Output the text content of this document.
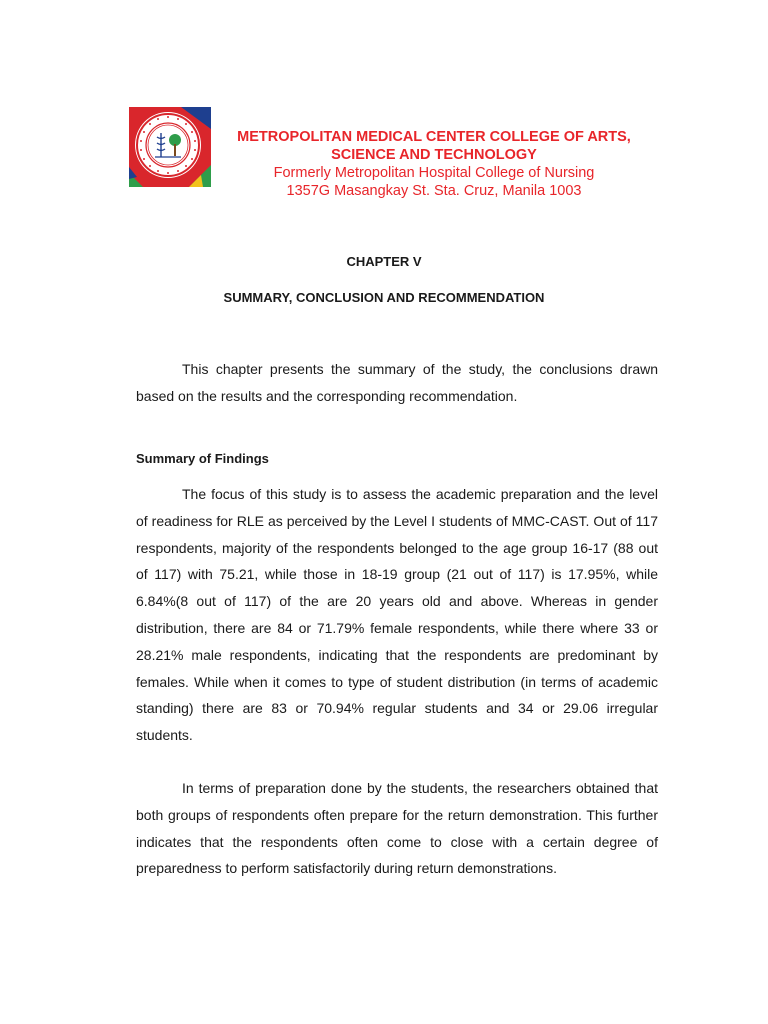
METROPOLITAN MEDICAL CENTER COLLEGE OF ARTS,
SCIENCE AND TECHNOLOGY
Formerly Metropolitan Hospital College of Nursing
1357G Masangkay St. Sta. Cruz, Manila 1003
CHAPTER V
SUMMARY, CONCLUSION AND RECOMMENDATION

This chapter presents the summary of the study, the conclusions drawn based on the results and the corresponding recommendation.

Summary of Findings

The focus of this study is to assess the academic preparation and the level of readiness for RLE as perceived by the Level I students of MMC-CAST. Out of 117 respondents, majority of the respondents belonged to the age group 16-17 (88 out of 117) with 75.21, while those in 18-19 group (21 out of 117) is 17.95%, while 6.84%(8 out of 117) of the are 20 years old and above. Whereas in gender distribution, there are 84 or 71.79% female respondents, while there where 33 or 28.21% male respondents, indicating that the respondents are predominant by females. While when it comes to type of student distribution (in terms of academic standing) there are 83 or 70.94% regular students and 34 or 29.06 irregular students.

In terms of preparation done by the students, the researchers obtained that both groups of respondents often prepare for the return demonstration. This further indicates that the respondents often come to close with a certain degree of preparedness to perform satisfactorily during return demonstrations.
